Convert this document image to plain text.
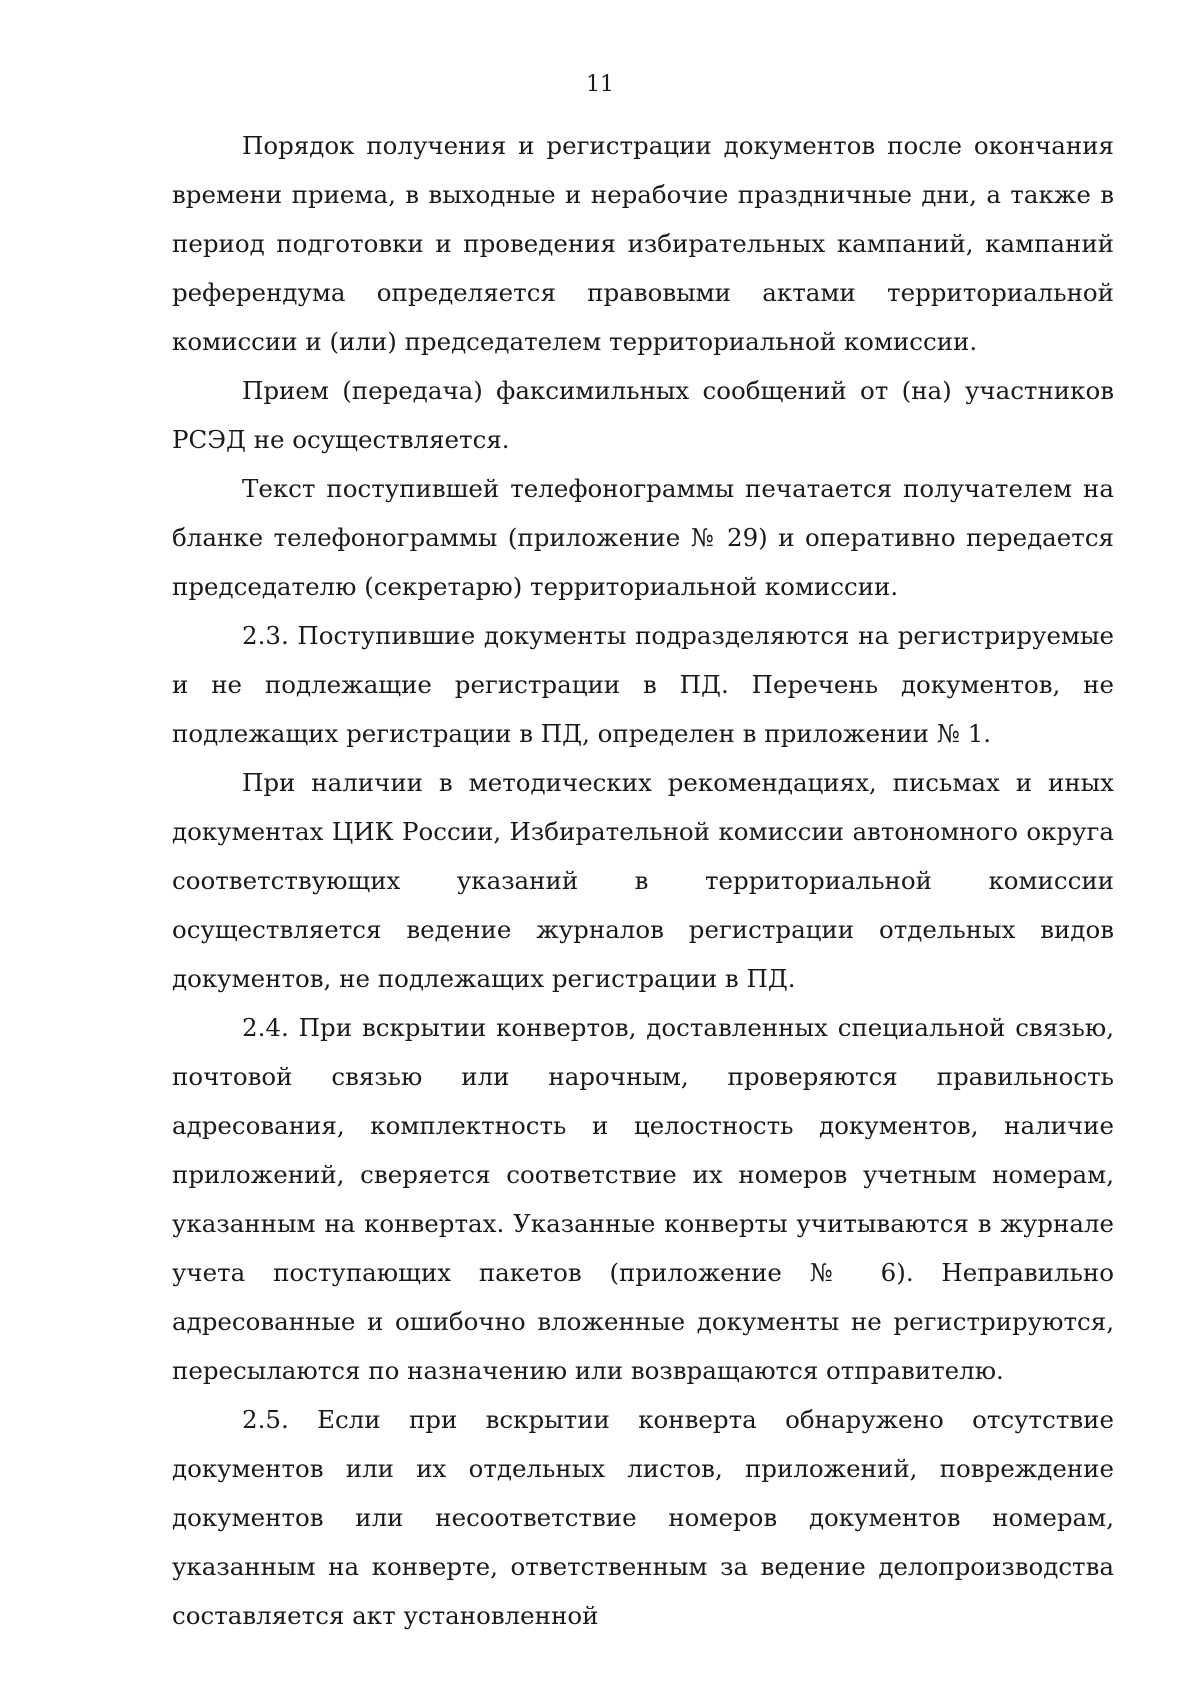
11

Порядок получения и регистрации документов после окончания времени приема, в выходные и нерабочие праздничные дни, а также в период подготовки и проведения избирательных кампаний, кампаний референдума определяется правовыми актами территориальной комиссии и (или) председателем территориальной комиссии.

Прием (передача) факсимильных сообщений от (на) участников РСЭД не осуществляется.

Текст поступившей телефонограммы печатается получателем на бланке телефонограммы (приложение № 29) и оперативно передается председателю (секретарю) территориальной комиссии.

2.3. Поступившие документы подразделяются на регистрируемые и не подлежащие регистрации в ПД. Перечень документов, не подлежащих регистрации в ПД, определен в приложении № 1.

При наличии в методических рекомендациях, письмах и иных документах ЦИК России, Избирательной комиссии автономного округа соответствующих указаний в территориальной комиссии осуществляется ведение журналов регистрации отдельных видов документов, не подлежащих регистрации в ПД.

2.4. При вскрытии конвертов, доставленных специальной связью, почтовой связью или нарочным, проверяются правильность адресования, комплектность и целостность документов, наличие приложений, сверяется соответствие их номеров учетным номерам, указанным на конвертах. Указанные конверты учитываются в журнале учета поступающих пакетов (приложение № 6). Неправильно адресованные и ошибочно вложенные документы не регистрируются, пересылаются по назначению или возвращаются отправителю.

2.5. Если при вскрытии конверта обнаружено отсутствие документов или их отдельных листов, приложений, повреждение документов или несоответствие номеров документов номерам, указанным на конверте, ответственным за ведение делопроизводства составляется акт установленной
